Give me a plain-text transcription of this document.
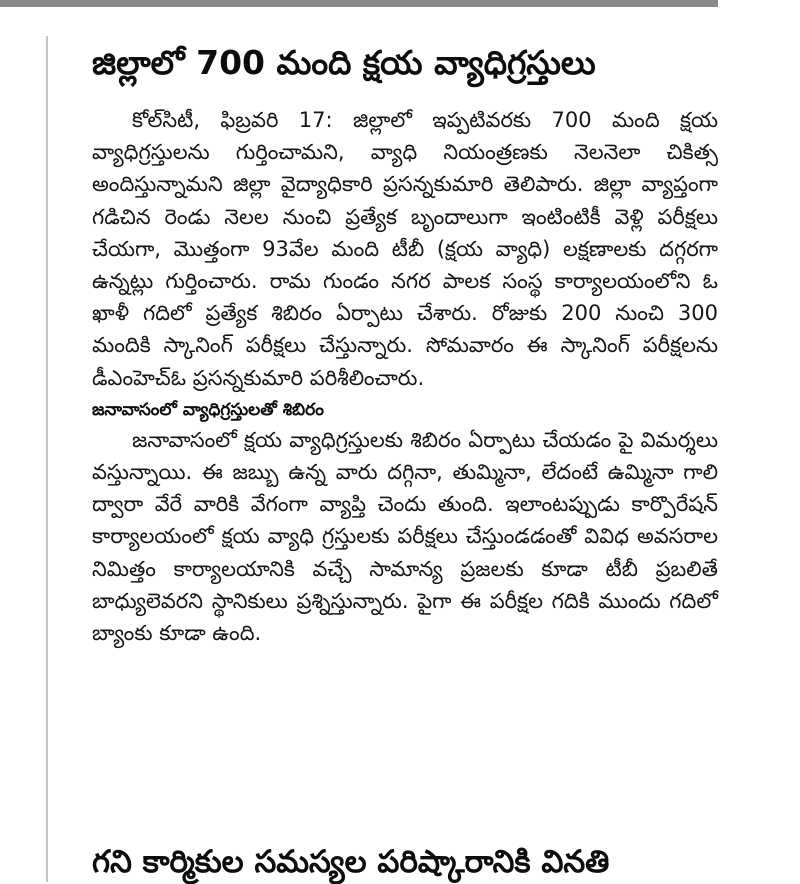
జిల్లాలో 700 మంది క్షయ వ్యాధిగ్రస్తులు

కోల్‌సిటీ, ఫిబ్రవరి 17: జిల్లాలో ఇప్పటివరకు 700 మంది క్షయ వ్యాధిగ్రస్తులను గుర్తించామని, వ్యాధి నియంత్రణకు నెలనెలా చికిత్స అందిస్తున్నామని జిల్లా వైద్యాధికారి ప్రసన్నకుమారి తెలిపారు. జిల్లా వ్యాప్తంగా గడిచిన రెండు నెలల నుంచి ప్రత్యేక బృందాలుగా ఇంటింటికీ వెళ్లి పరీక్షలు చేయగా, మొత్తంగా 93వేల మంది టీబీ (క్షయ వ్యాధి) లక్షణాలకు దగ్గరగా ఉన్నట్లు గుర్తించారు. రామ గుండం నగర పాలక సంస్థ కార్యాలయంలోని ఓ ఖాళీ గదిలో ప్రత్యేక శిబిరం ఏర్పాటు చేశారు. రోజుకు 200 నుంచి 300 మందికి స్కానింగ్ పరీక్షలు చేస్తున్నారు. సోమవారం ఈ స్కానింగ్ పరీక్షలను డీఎంహెచ్‌ఓ ప్రసన్నకుమారి పరిశీలించారు.

జనావాసంలో వ్యాధిగ్రస్తులతో శిబిరం

జనావాసంలో క్షయ వ్యాధిగ్రస్తులకు శిబిరం ఏర్పాటు చేయడం పై విమర్శలు వస్తున్నాయి. ఈ జబ్బు ఉన్న వారు దగ్గినా, తుమ్మినా, లేదంటే ఉమ్మినా గాలి ద్వారా వేరే వారికి వేగంగా వ్యాప్తి చెందు తుంది. ఇలాంటప్పుడు కార్పొరేషన్ కార్యాలయంలో క్షయ వ్యాధి గ్రస్తులకు పరీక్షలు చేస్తుండడంతో వివిధ అవసరాల నిమిత్తం కార్యాలయానికి వచ్చే సామాన్య ప్రజలకు కూడా టీబీ ప్రబలితే బాధ్యులెవరని స్థానికులు ప్రశ్నిస్తున్నారు. పైగా ఈ పరీక్షల గదికి ముందు గదిలో బ్యాంకు కూడా ఉంది.

గని కార్మికుల సమస్యల పరిష్కారానికి వినతి
